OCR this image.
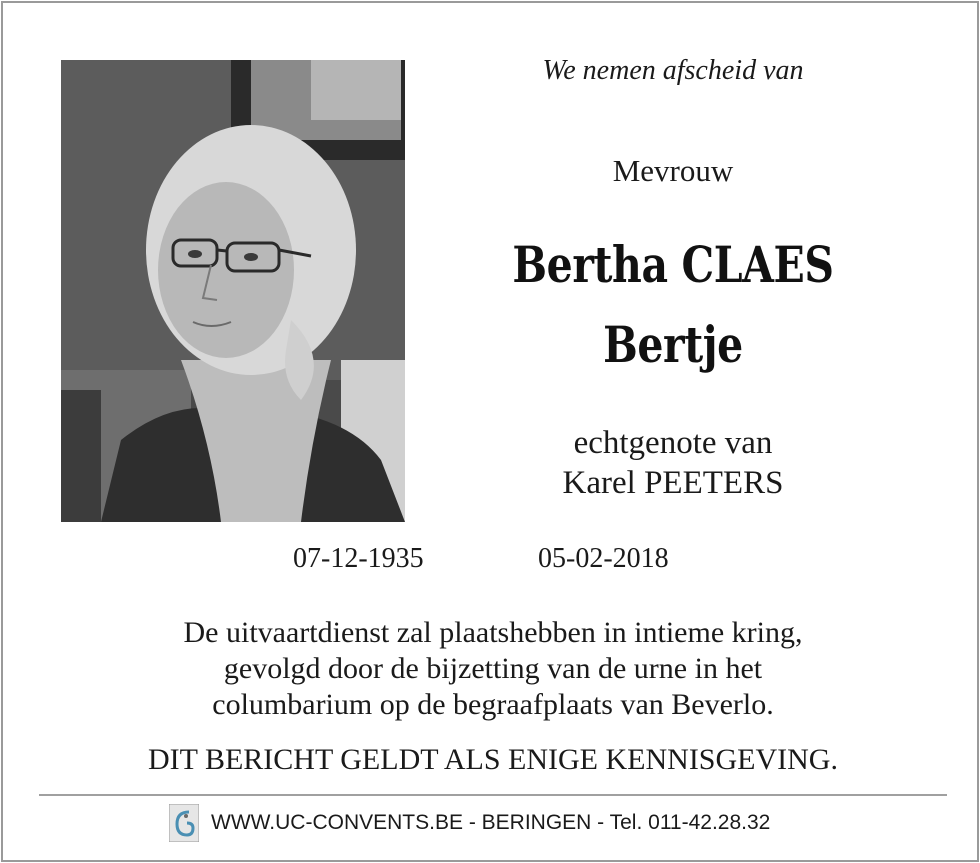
We nemen afscheid van
Mevrouw
Bertha CLAES
Bertje
echtgenote van
Karel PEETERS
07-12-1935	05-02-2018
De uitvaartdienst zal plaatshebben in intieme kring,
gevolgd door de bijzetting van de urne in het
columbarium op de begraafplaats van Beverlo.
DIT BERICHT GELDT ALS ENIGE KENNISGEVING.
WWW.UC-CONVENTS.BE - BERINGEN - Tel. 011-42.28.32
